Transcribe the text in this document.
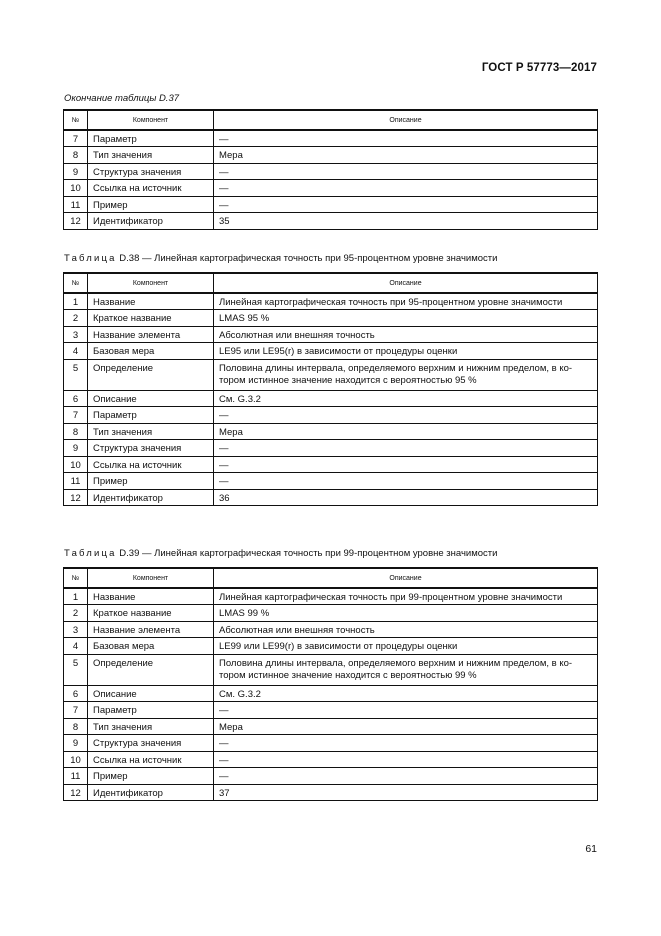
ГОСТ Р 57773—2017
Окончание таблицы D.37
№	Компонент	Описание
7	Параметр	—
8	Тип значения	Мера
9	Структура значения	—
10	Ссылка на источник	—
11	Пример	—
12	Идентификатор	35
Таблица D.38 — Линейная картографическая точность при 95-процентном уровне значимости
№	Компонент	Описание
1	Название	Линейная картографическая точность при 95-процентном уровне значимости
2	Краткое название	LMAS 95 %
3	Название элемента	Абсолютная или внешняя точность
4	Базовая мера	LE95 или LE95(r) в зависимости от процедуры оценки
5	Определение	Половина длины интервала, определяемого верхним и нижним пределом, в ко-
тором истинное значение находится с вероятностью 95 %

6	Описание	См. G.3.2
7	Параметр	—
8	Тип значения	Мера
9	Структура значения	—
10	Ссылка на источник	—
11	Пример	—
12	Идентификатор	36
Таблица D.39 — Линейная картографическая точность при 99-процентном уровне значимости
№	Компонент	Описание
1	Название	Линейная картографическая точность при 99-процентном уровне значимости
2	Краткое название	LMAS 99 %
3	Название элемента	Абсолютная или внешняя точность
4	Базовая мера	LE99 или LE99(r) в зависимости от процедуры оценки
5	Определение	Половина длины интервала, определяемого верхним и нижним пределом, в ко-
тором истинное значение находится с вероятностью 99 %

6	Описание	См. G.3.2
7	Параметр	—
8	Тип значения	Мера
9	Структура значения	—
10	Ссылка на источник	—
11	Пример	—
12	Идентификатор	37
61
